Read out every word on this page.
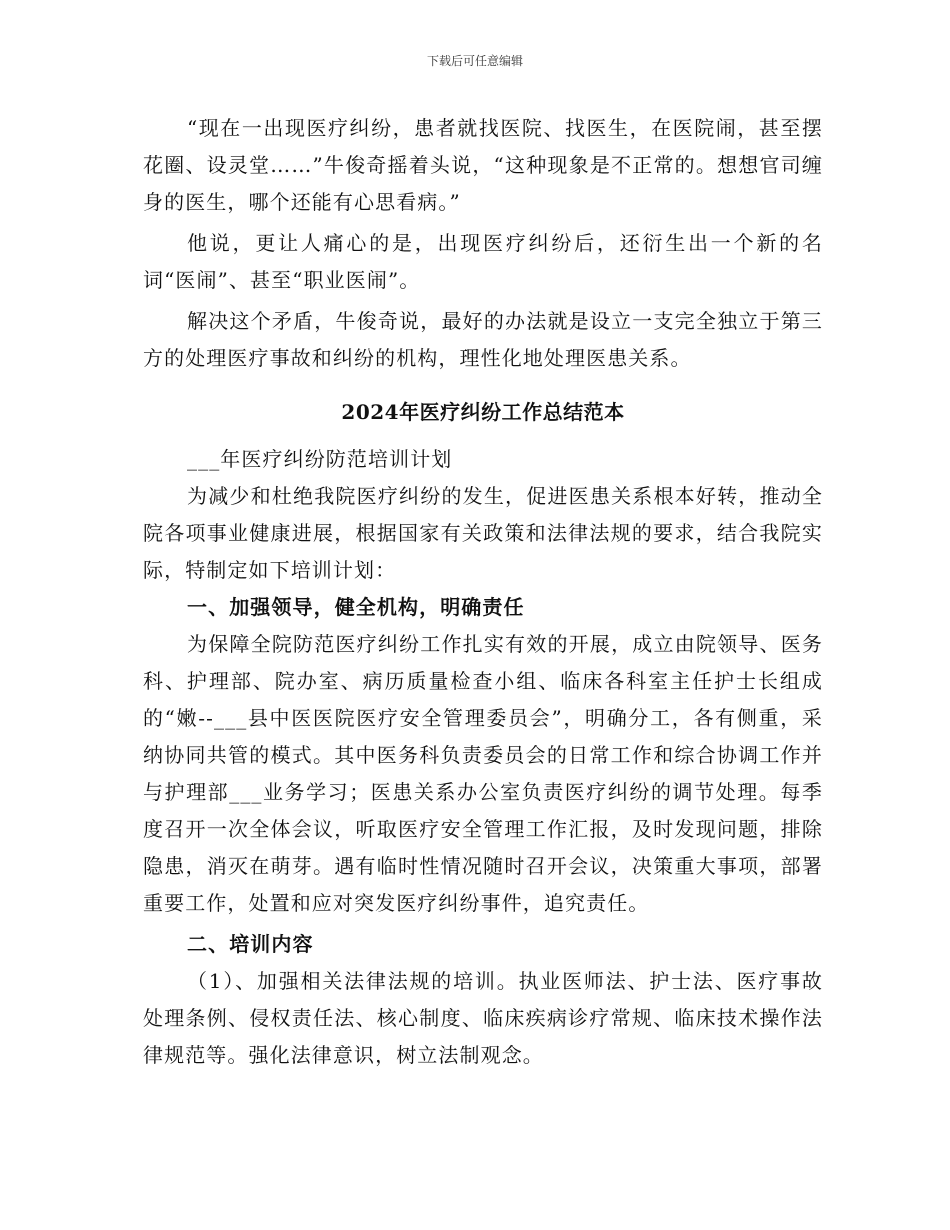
下载后可任意编辑

“现在一出现医疗纠纷，患者就找医院、找医生，在医院闹，甚至摆花圈、设灵堂……”牛俊奇摇着头说，“这种现象是不正常的。想想官司缠身的医生，哪个还能有心思看病。”

他说，更让人痛心的是，出现医疗纠纷后，还衍生出一个新的名词“医闹”、甚至“职业医闹”。

解决这个矛盾，牛俊奇说，最好的办法就是设立一支完全独立于第三方的处理医疗事故和纠纷的机构，理性化地处理医患关系。

2024年医疗纠纷工作总结范本

___年医疗纠纷防范培训计划

为减少和杜绝我院医疗纠纷的发生，促进医患关系根本好转，推动全院各项事业健康进展，根据国家有关政策和法律法规的要求，结合我院实际，特制定如下培训计划：

一、加强领导，健全机构，明确责任

为保障全院防范医疗纠纷工作扎实有效的开展，成立由院领导、医务科、护理部、院办室、病历质量检查小组、临床各科室主任护士长组成的“嫩--___县中医医院医疗安全管理委员会”，明确分工，各有侧重，采纳协同共管的模式。其中医务科负责委员会的日常工作和综合协调工作并与护理部___业务学习；医患关系办公室负责医疗纠纷的调节处理。每季度召开一次全体会议，听取医疗安全管理工作汇报，及时发现问题，排除隐患，消灭在萌芽。遇有临时性情况随时召开会议，决策重大事项，部署重要工作，处置和应对突发医疗纠纷事件，追究责任。

二、培训内容

（1）、加强相关法律法规的培训。执业医师法、护士法、医疗事故处理条例、侵权责任法、核心制度、临床疾病诊疗常规、临床技术操作法律规范等。强化法律意识，树立法制观念。
